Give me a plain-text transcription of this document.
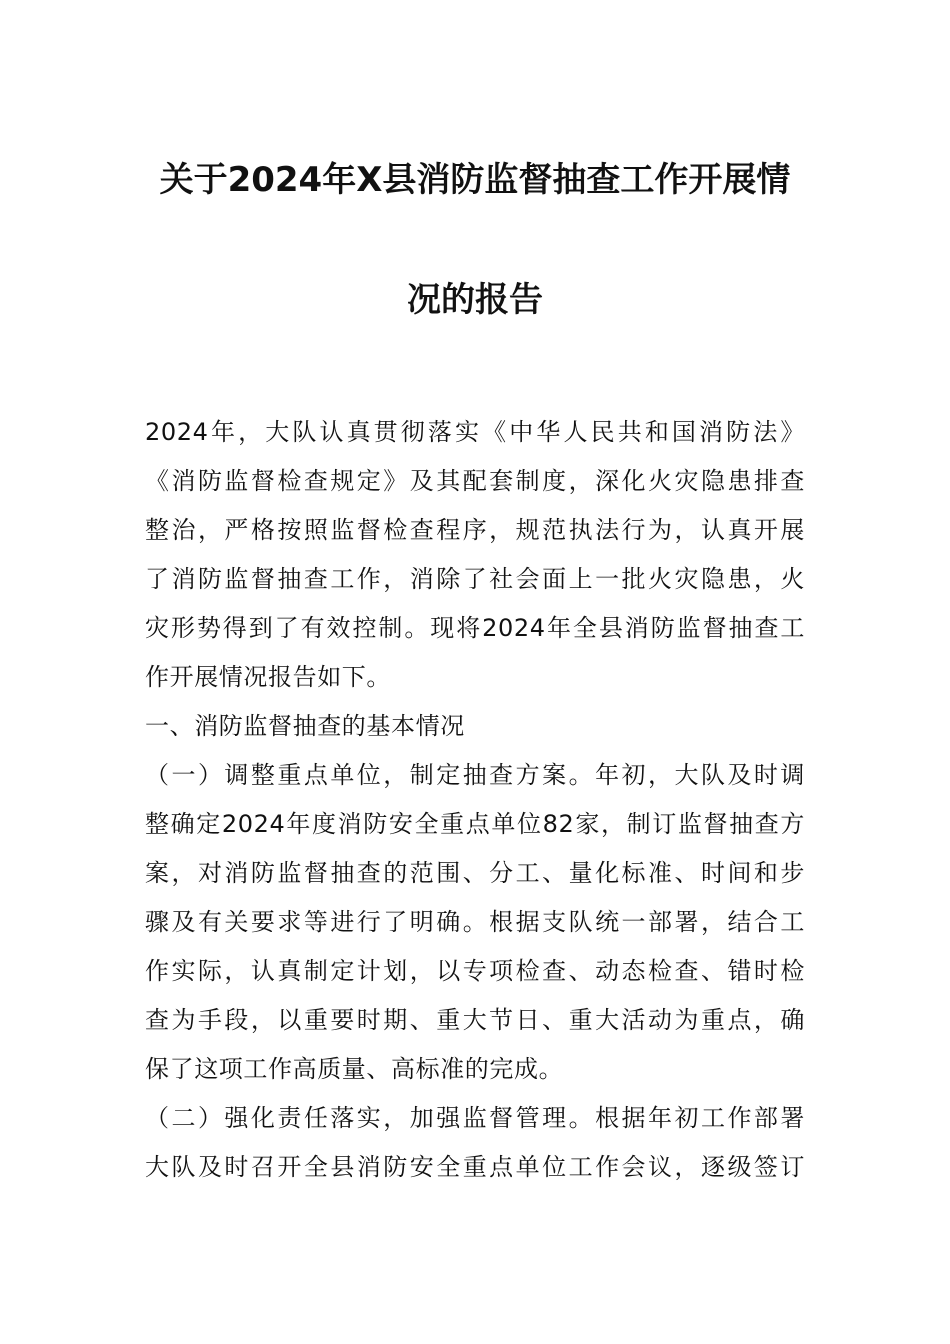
关于2024年X县消防监督抽查工作开展情
况的报告
2024年，大队认真贯彻落实《中华人民共和国消防法》
《消防监督检查规定》及其配套制度，深化火灾隐患排查
整治，严格按照监督检查程序，规范执法行为，认真开展
了消防监督抽查工作，消除了社会面上一批火灾隐患，火
灾形势得到了有效控制。现将2024年全县消防监督抽查工
作开展情况报告如下。
一、消防监督抽查的基本情况
（一）调整重点单位，制定抽查方案。年初，大队及时调
整确定2024年度消防安全重点单位82家，制订监督抽查方
案，对消防监督抽查的范围、分工、量化标准、时间和步
骤及有关要求等进行了明确。根据支队统一部署，结合工
作实际，认真制定计划，以专项检查、动态检查、错时检
查为手段，以重要时期、重大节日、重大活动为重点，确
保了这项工作高质量、高标准的完成。
（二）强化责任落实，加强监督管理。根据年初工作部署
大队及时召开全县消防安全重点单位工作会议，逐级签订
